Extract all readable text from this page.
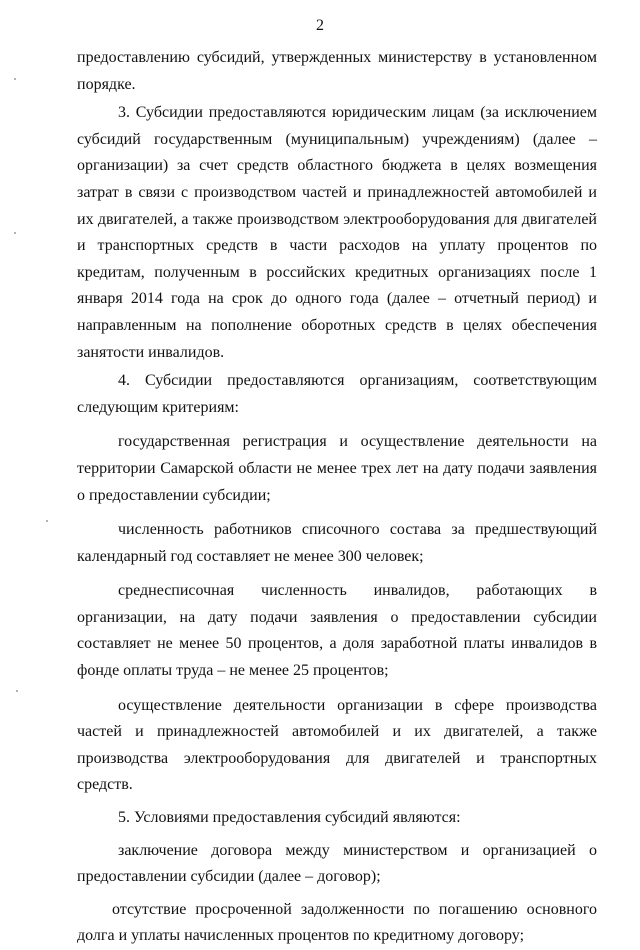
2

предоставлению субсидий, утвержденных министерству в установленном порядке.

3. Субсидии предоставляются юридическим лицам (за исключением субсидий государственным (муниципальным) учреждениям) (далее – организации) за счет средств областного бюджета в целях возмещения затрат в связи с производством частей и принадлежностей автомобилей и их двигателей, а также производством электрооборудования для двигателей и транспортных средств в части расходов на уплату процентов по кредитам, полученным в российских кредитных организациях после 1 января 2014 года на срок до одного года (далее – отчетный период) и направленным на пополнение оборотных средств в целях обеспечения занятости инвалидов.

4. Субсидии предоставляются организациям, соответствующим следующим критериям:

государственная регистрация и осуществление деятельности на территории Самарской области не менее трех лет на дату подачи заявления о предоставлении субсидии;

численность работников списочного состава за предшествующий календарный год составляет не менее 300 человек;

среднесписочная численность инвалидов, работающих в организации, на дату подачи заявления о предоставлении субсидии составляет не менее 50 процентов, а доля заработной платы инвалидов в фонде оплаты труда – не менее 25 процентов;

осуществление деятельности организации в сфере производства частей и принадлежностей автомобилей и их двигателей, а также производства электрооборудования для двигателей и транспортных средств.

5. Условиями предоставления субсидий являются:

заключение договора между министерством и организацией о предоставлении субсидии (далее – договор);

отсутствие просроченной задолженности по погашению основного долга и уплаты начисленных процентов по кредитному договору;
